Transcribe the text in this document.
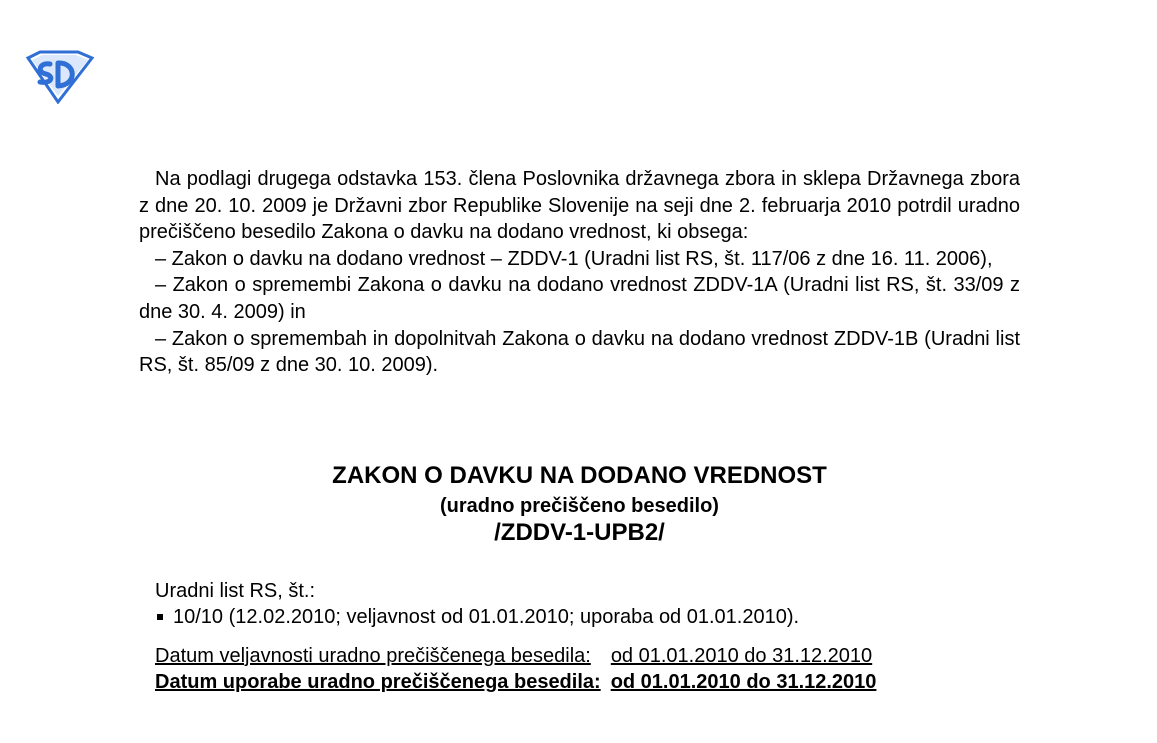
Na podlagi drugega odstavka 153. člena Poslovnika državnega zbora in sklepa Državnega zbora z dne 20. 10. 2009 je Državni zbor Republike Slovenije na seji dne 2. februarja 2010 potrdil uradno prečiščeno besedilo Zakona o davku na dodano vrednost, ki obsega:

– Zakon o davku na dodano vrednost – ZDDV-1 (Uradni list RS, št. 117/06 z dne 16. 11. 2006),

– Zakon o spremembi Zakona o davku na dodano vrednost ZDDV-1A (Uradni list RS, št. 33/09 z dne 30. 4. 2009) in

– Zakon o spremembah in dopolnitvah Zakona o davku na dodano vrednost ZDDV-1B (Uradni list RS, št. 85/09 z dne 30. 10. 2009).

ZAKON O DAVKU NA DODANO VREDNOST
(uradno prečiščeno besedilo)
/ZDDV-1-UPB2/
Uradni list RS, št.:
10/10 (12.02.2010; veljavnost od 01.01.2010; uporaba od 01.01.2010).
Datum veljavnosti uradno prečiščenega besedila: od 01.01.2010 do 31.12.2010
Datum uporabe uradno prečiščenega besedila: od 01.01.2010 do 31.12.2010
